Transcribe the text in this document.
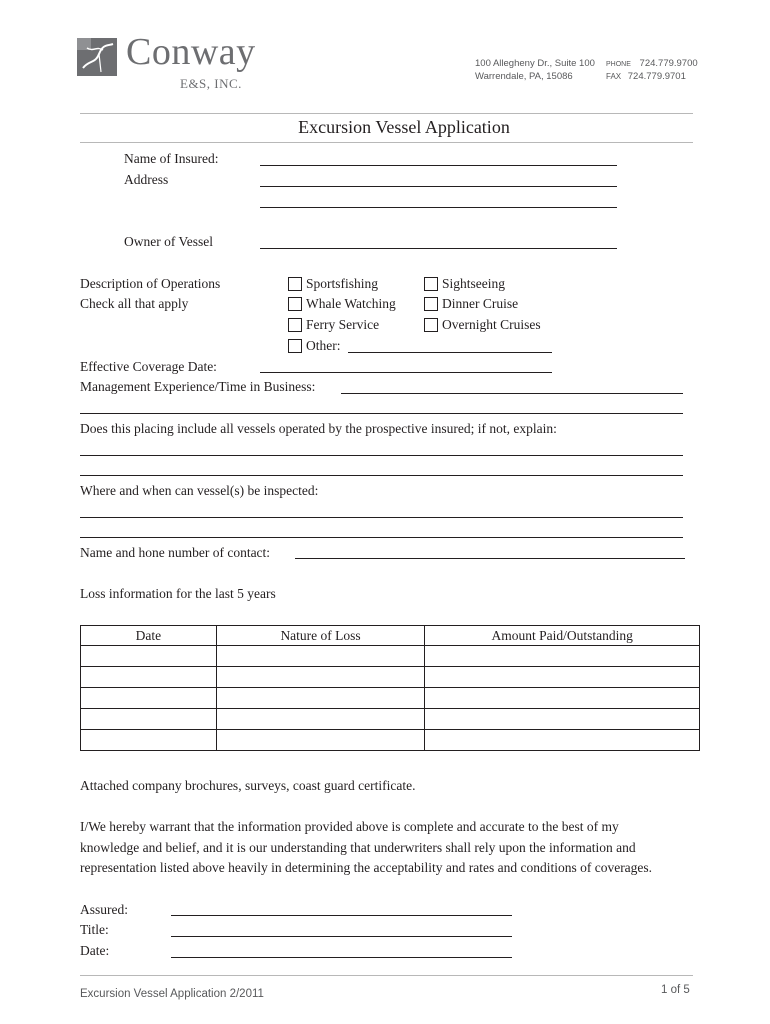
Conway
E&S, INC.
100 Allegheny Dr., Suite 100
Warrendale, PA, 15086
PHONE 724.779.9700
FAX 724.779.9701
Excursion Vessel Application
Name of Insured:
Address
Owner of Vessel
Description of Operations
Check all that apply
Sportsfishing	Sightseeing
Whale Watching	Dinner Cruise
Ferry Service	Overnight Cruises
Other:
Effective Coverage Date:
Management Experience/Time in Business:
Does this placing include all vessels operated by the prospective insured; if not, explain:
Where and when can vessel(s) be inspected:
Name and hone number of contact:
Loss information for the last 5 years
Date	Nature of Loss	Amount Paid/Outstanding

Attached company brochures, surveys, coast guard certificate.
I/We hereby warrant that the information provided above is complete and accurate to the best of my
knowledge and belief, and it is our understanding that underwriters shall rely upon the information and
representation listed above heavily in determining the acceptability and rates and conditions of coverages.
Assured:
Title:
Date:
Excursion Vessel Application 2/2011	1 of 5
